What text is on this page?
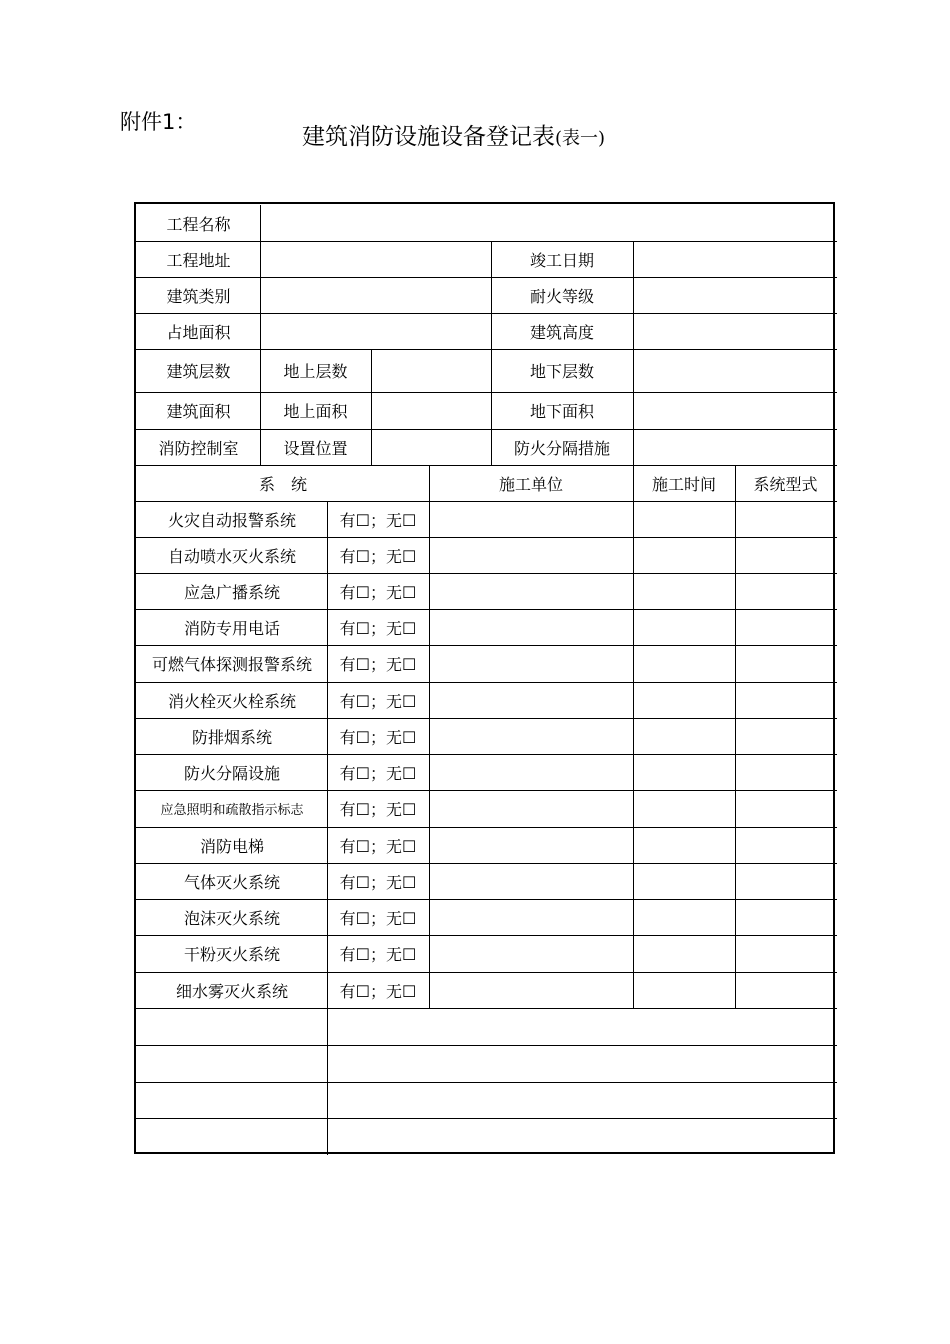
附件1：
建筑消防设施设备登记表(表一)
工程名称
工程地址	竣工日期
建筑类别	耐火等级
占地面积	建筑高度
建筑层数	地上层数	地下层数
建筑面积	地上面积	地下面积
消防控制室	设置位置	防火分隔措施
系　统	施工单位	施工时间	系统型式
火灾自动报警系统	有☐；无☐
自动喷水灭火系统	有☐；无☐
应急广播系统	有☐；无☐
消防专用电话	有☐；无☐
可燃气体探测报警系统	有☐；无☐
消火栓灭火栓系统	有☐；无☐
防排烟系统	有☐；无☐
防火分隔设施	有☐；无☐
应急照明和疏散指示标志	有☐；无☐
消防电梯	有☐；无☐
气体灭火系统	有☐；无☐
泡沫灭火系统	有☐；无☐
干粉灭火系统	有☐；无☐
细水雾灭火系统	有☐；无☐
